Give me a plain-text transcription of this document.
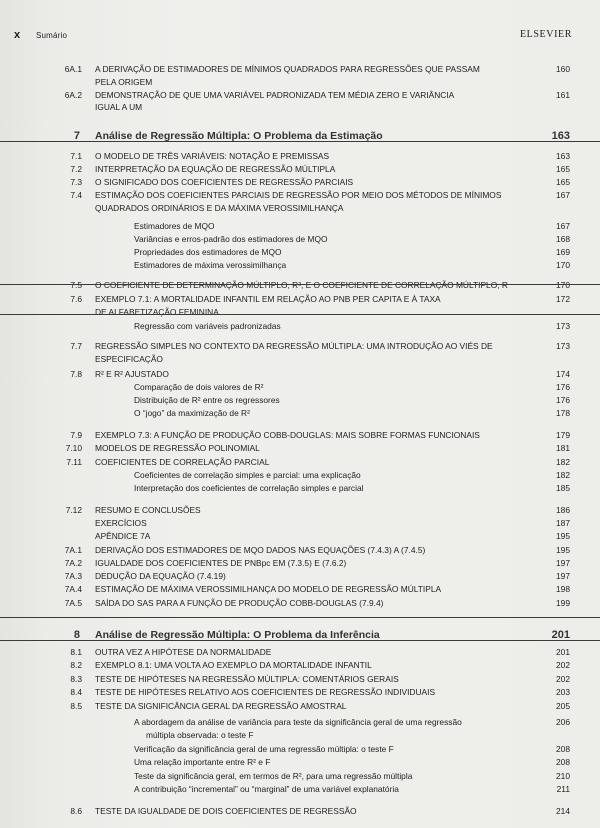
x Sumário	ELSEVIER
6A.1 A DERIVAÇÃO DE ESTIMADORES DE MÍNIMOS QUADRADOS PARA REGRESSÕES QUE PASSAM	160
PELA ORIGEM
6A.2 DEMONSTRAÇÃO DE QUE UMA VARIÁVEL PADRONIZADA TEM MÉDIA ZERO E VARIÂNCIA	161
IGUAL A UM
7 Análise de Regressão Múltipla: O Problema da Estimação	163
7.1 O MODELO DE TRÊS VARIÁVEIS: NOTAÇÃO E PREMISSAS	163
7.2 INTERPRETAÇÃO DA EQUAÇÃO DE REGRESSÃO MÚLTIPLA	165
7.3 O SIGNIFICADO DOS COEFICIENTES DE REGRESSÃO PARCIAIS	165
7.4 ESTIMAÇÃO DOS COEFICIENTES PARCIAIS DE REGRESSÃO POR MEIO DOS MÉTODOS DE MÍNIMOS	167
QUADRADOS ORDINÁRIOS E DA MÁXIMA VEROSSIMILHANÇA
Estimadores de MQO	167
Variâncias e erros-padrão dos estimadores de MQO	168
Propriedades dos estimadores de MQO	169
Estimadores de máxima verossimilhança	170
7.5 O COEFICIENTE DE DETERMINAÇÃO MÚLTIPLO, R², E O COEFICIENTE DE CORRELAÇÃO MÚLTIPLO, R	170
7.6 EXEMPLO 7.1: A MORTALIDADE INFANTIL EM RELAÇÃO AO PNB PER CAPITA E À TAXA	172
DE ALFABETIZAÇÃO FEMININA
Regressão com variáveis padronizadas	173
7.7 REGRESSÃO SIMPLES NO CONTEXTO DA REGRESSÃO MÚLTIPLA: UMA INTRODUÇÃO AO VIÉS DE	173
ESPECIFICAÇÃO
7.8 R² E R² AJUSTADO	174
Comparação de dois valores de R²	176
Distribuição de R² entre os regressores	176
O “jogo” da maximização de R²	178
7.9 EXEMPLO 7.3: A FUNÇÃO DE PRODUÇÃO COBB-DOUGLAS: MAIS SOBRE FORMAS FUNCIONAIS	179
7.10 MODELOS DE REGRESSÃO POLINOMIAL	181
7.11 COEFICIENTES DE CORRELAÇÃO PARCIAL	182
Coeficientes de correlação simples e parcial: uma explicação	182
Interpretação dos coeficientes de correlação simples e parcial	185
7.12 RESUMO E CONCLUSÕES	186
EXERCÍCIOS	187
APÊNDICE 7A	195
7A.1 DERIVAÇÃO DOS ESTIMADORES DE MQO DADOS NAS EQUAÇÕES (7.4.3) A (7.4.5)	195
7A.2 IGUALDADE DOS COEFICIENTES DE PNBpc EM (7.3.5) E (7.6.2)	197
7A.3 DEDUÇÃO DA EQUAÇÃO (7.4.19)	197
7A.4 ESTIMAÇÃO DE MÁXIMA VEROSSIMILHANÇA DO MODELO DE REGRESSÃO MÚLTIPLA	198
7A.5 SAÍDA DO SAS PARA A FUNÇÃO DE PRODUÇÃO COBB-DOUGLAS (7.9.4)	199
8 Análise de Regressão Múltipla: O Problema da Inferência	201
8.1 OUTRA VEZ A HIPÓTESE DA NORMALIDADE	201
8.2 EXEMPLO 8.1: UMA VOLTA AO EXEMPLO DA MORTALIDADE INFANTIL	202
8.3 TESTE DE HIPÓTESES NA REGRESSÃO MÚLTIPLA: COMENTÁRIOS GERAIS	202
8.4 TESTE DE HIPÓTESES RELATIVO AOS COEFICIENTES DE REGRESSÃO INDIVIDUAIS	203
8.5 TESTE DA SIGNIFICÂNCIA GERAL DA REGRESSÃO AMOSTRAL	205
A abordagem da análise de variância para teste da significância geral de uma regressão	206
múltipla observada: o teste F
Verificação da significância geral de uma regressão múltipla: o teste F	208
Uma relação importante entre R² e F	208
Teste da significância geral, em termos de R², para uma regressão múltipla	210
A contribuição “incremental” ou “marginal” de uma variável explanatória	211
8.6 TESTE DA IGUALDADE DE DOIS COEFICIENTES DE REGRESSÃO	214
